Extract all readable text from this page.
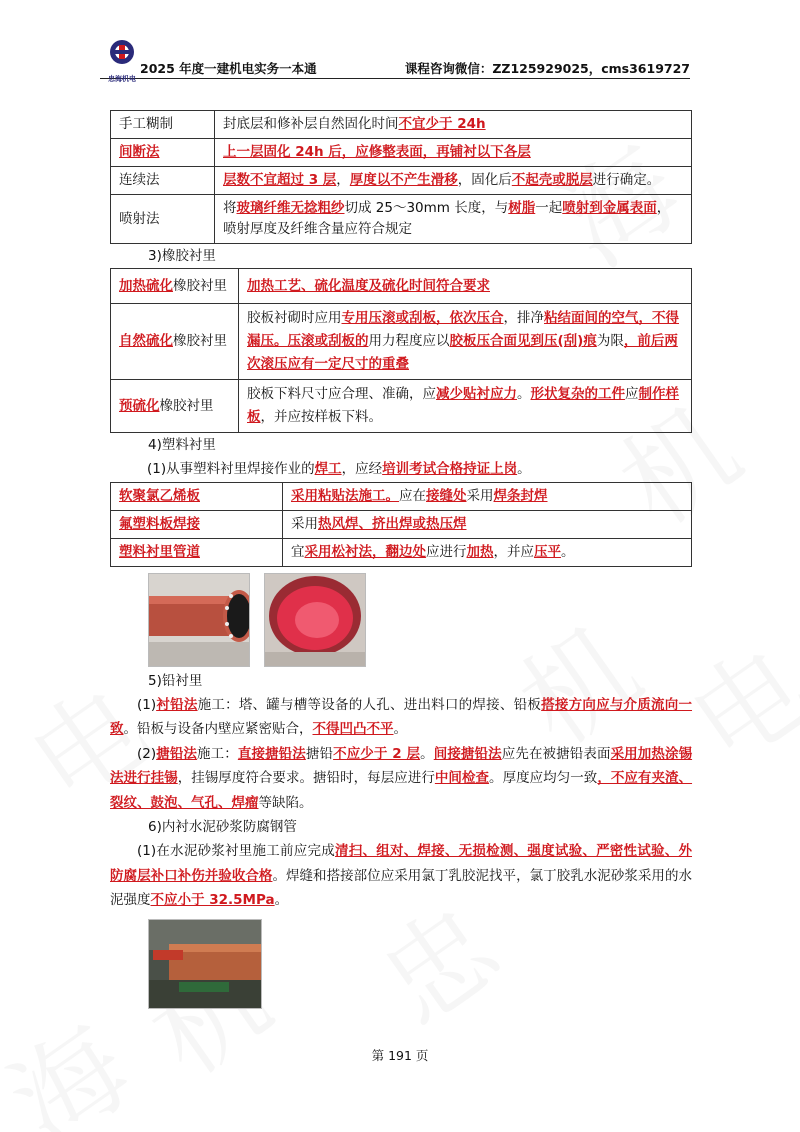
忠海机电
2025 年度一建机电实务一本通	课程咨询微信：ZZ125929025，cms3619727
手工糊制	封底层和修补层自然固化时间不宜少于 24h
间断法	上一层固化 24h 后，应修整表面，再铺衬以下各层
连续法	层数不宜超过 3 层，厚度以不产生滑移，固化后不起壳或脱层进行确定。
喷射法	将玻璃纤维无捻粗纱切成 25～30mm 长度，与树脂一起喷射到金属表面，喷射厚度及纤维含量应符合规定
3)橡胶衬里
加热硫化橡胶衬里	加热工艺、硫化温度及硫化时间符合要求
自然硫化橡胶衬里	胶板衬砌时应用专用压滚或刮板，依次压合，排净粘结面间的空气，不得漏压。压滚或刮板的用力程度应以胶板压合面见到压(刮)痕为限，前后两次滚压应有一定尺寸的重叠
预硫化橡胶衬里	胶板下料尺寸应合理、准确，应减少贴衬应力。形状复杂的工件应制作样板，并应按样板下料。
4)塑料衬里
(1)从事塑料衬里焊接作业的焊工，应经培训考试合格持证上岗。
软聚氯乙烯板	采用粘贴法施工。应在接缝处采用焊条封焊
氟塑料板焊接	采用热风焊、挤出焊或热压焊
塑料衬里管道	宜采用松衬法，翻边处应进行加热，并应压平。

5)铅衬里
(1)衬铅法施工：塔、罐与槽等设备的人孔、进出料口的焊接、铅板搭接方向应与介质流向一致。铅板与设备内壁应紧密贴合，不得凹凸不平。
(2)搪铅法施工：直接搪铅法搪铅不应少于 2 层。间接搪铅法应先在被搪铅表面采用加热涂锡法进行挂锡，挂锡厚度符合要求。搪铅时，每层应进行中间检查。厚度应均匀一致，不应有夹渣、裂纹、鼓泡、气孔、焊瘤等缺陷。
6)内衬水泥砂浆防腐钢管
(1)在水泥砂浆衬里施工前应完成清扫、组对、焊接、无损检测、强度试验、严密性试验、外防腐层补口补伤并验收合格。焊缝和搭接部位应采用氯丁乳胶泥找平，氯丁胶乳水泥砂浆采用的水泥强度不应小于 32.5MPa。
第 191 页
